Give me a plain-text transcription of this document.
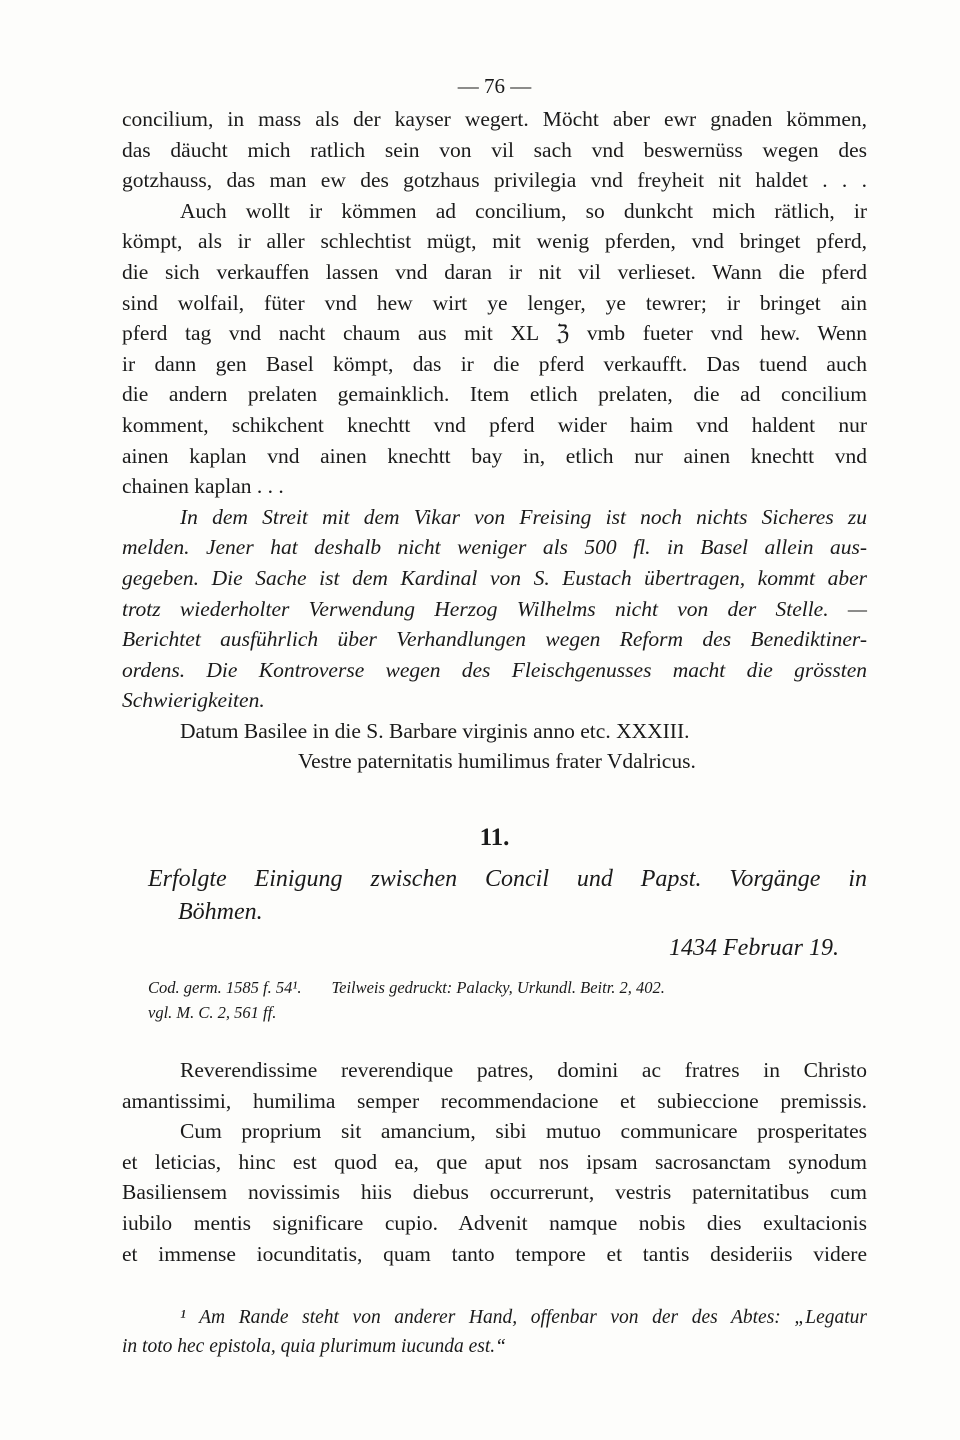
— 76 —
concilium, in mass als der kayser wegert. Möcht aber ewr gnaden kömmen,
das däucht mich ratlich sein von vil sach vnd beswernüss wegen des
gotzhauss, das man ew des gotzhaus privilegia vnd freyheit nit haldet . . .
Auch wollt ir kömmen ad concilium, so dunkcht mich rätlich, ir
kömpt, als ir aller schlechtist mügt, mit wenig pferden, vnd bringet pferd,
die sich verkauffen lassen vnd daran ir nit vil verlieset. Wann die pferd
sind wolfail, füter vnd hew wirt ye lenger, ye tewrer; ir bringet ain
pferd tag vnd nacht chaum aus mit XL ℨ vmb fueter vnd hew. Wenn
ir dann gen Basel kömpt, das ir die pferd verkaufft. Das tuend auch
die andern prelaten gemainklich. Item etlich prelaten, die ad concilium
komment, schikchent knechtt vnd pferd wider haim vnd haldent nur
ainen kaplan vnd ainen knechtt bay in, etlich nur ainen knechtt vnd
chainen kaplan . . .
In dem Streit mit dem Vikar von Freising ist noch nichts Sicheres zu
melden. Jener hat deshalb nicht weniger als 500 fl. in Basel allein aus-
gegeben. Die Sache ist dem Kardinal von S. Eustach übertragen, kommt aber
trotz wiederholter Verwendung Herzog Wilhelms nicht von der Stelle. —
Berichtet ausführlich über Verhandlungen wegen Reform des Benediktiner-
ordens. Die Kontroverse wegen des Fleischgenusses macht die grössten
Schwierigkeiten.
Datum Basilee in die S. Barbare virginis anno etc. XXXIII.
Vestre paternitatis humilimus frater Vdalricus.
11.
Erfolgte Einigung zwischen Concil und Papst. Vorgänge in
Böhmen.
1434 Februar 19.
Cod. germ. 1585 f. 54¹. Teilweis gedruckt: Palacky, Urkundl. Beitr. 2, 402.
vgl. M. C. 2, 561 ff.
Reverendissime reverendique patres, domini ac fratres in Christo
amantissimi, humilima semper recommendacione et subieccione premissis.
Cum proprium sit amancium, sibi mutuo communicare prosperitates
et leticias, hinc est quod ea, que aput nos ipsam sacrosanctam synodum
Basiliensem novissimis hiis diebus occurrerunt, vestris paternitatibus cum
iubilo mentis significare cupio. Advenit namque nobis dies exultacionis
et immense iocunditatis, quam tanto tempore et tantis desideriis videre
¹ Am Rande steht von anderer Hand, offenbar von der des Abtes: „Legatur
in toto hec epistola, quia plurimum iucunda est.“
